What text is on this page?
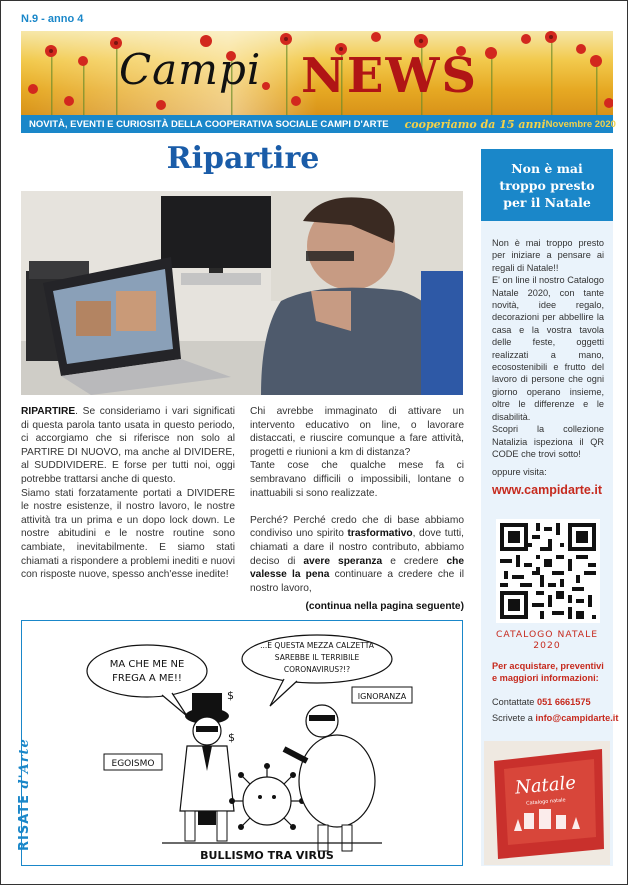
N.9 - anno 4
Campi NEWS
NOVITÀ, EVENTI E CURIOSITÀ DELLA COOPERATIVA SOCIALE CAMPI D'ARTE cooperiamo da 15 anni Novembre 2020
Ripartire

RIPARTIRE. Se consideriamo i vari significati di questa parola tanto usata in questo periodo, ci accorgiamo che si riferisce non solo al PARTIRE DI NUOVO, ma anche al DIVIDERE, al SUDDIVIDERE. E forse per tutti noi, oggi potrebbe trattarsi anche di questo.

Siamo stati forzatamente portati a DIVIDERE le nostre esistenze, il nostro lavoro, le nostre attività tra un prima e un dopo lock down. Le nostre abitudini e le nostre routine sono cambiate, inevitabilmente. E siamo stati chiamati a rispondere a problemi inediti e nuovi con risposte nuove, spesso anch'esse inedite!

Chi avrebbe immaginato di attivare un intervento educativo on line, o lavorare distaccati, e riuscire comunque a fare attività, progetti e riunioni a km di distanza?

Tante cose che qualche mese fa ci sembravano difficili o impossibili, lontane o inattuabili si sono realizzate.

Perché? Perché credo che di base abbiamo condiviso uno spirito trasformativo, dove tutti, chiamati a dare il nostro contributo, abbiamo deciso di avere speranza e credere che valesse la pena continuare a credere che il nostro lavoro,

(continua nella pagina seguente)
MA CHE ME NE
FREGA A ME!!
...E QUESTA MEZZA CALZETTA
SAREBBE IL TERRIBILE
CORONAVIRUS?!?
$
$
EGOISMO
IGNORANZA
BULLISMO TRA VIRUS
RISATE d'Arte
Non è mai
troppo presto
per il Natale

Non è mai troppo presto per iniziare a pensare ai regali di Natale!!

E' on line il nostro Catalogo Natale 2020, con tante novità, idee regalo, decorazioni per abbellire la casa e la vostra tavola delle feste, oggetti realizzati a mano, ecosostenibili e frutto del lavoro di persone che ogni giorno operano insieme, oltre le differenze e le disabilità.

Scopri la collezione Natalizia ispeziona il QR CODE che trovi sotto!

oppure visita:
www.campidarte.it
CATALOGO NATALE 2020
Per acquistare, preventivi e maggiori informazioni:
Contattate 051 6661575
Scrivete a info@campidarte.it
Natale
Catalogo natale
